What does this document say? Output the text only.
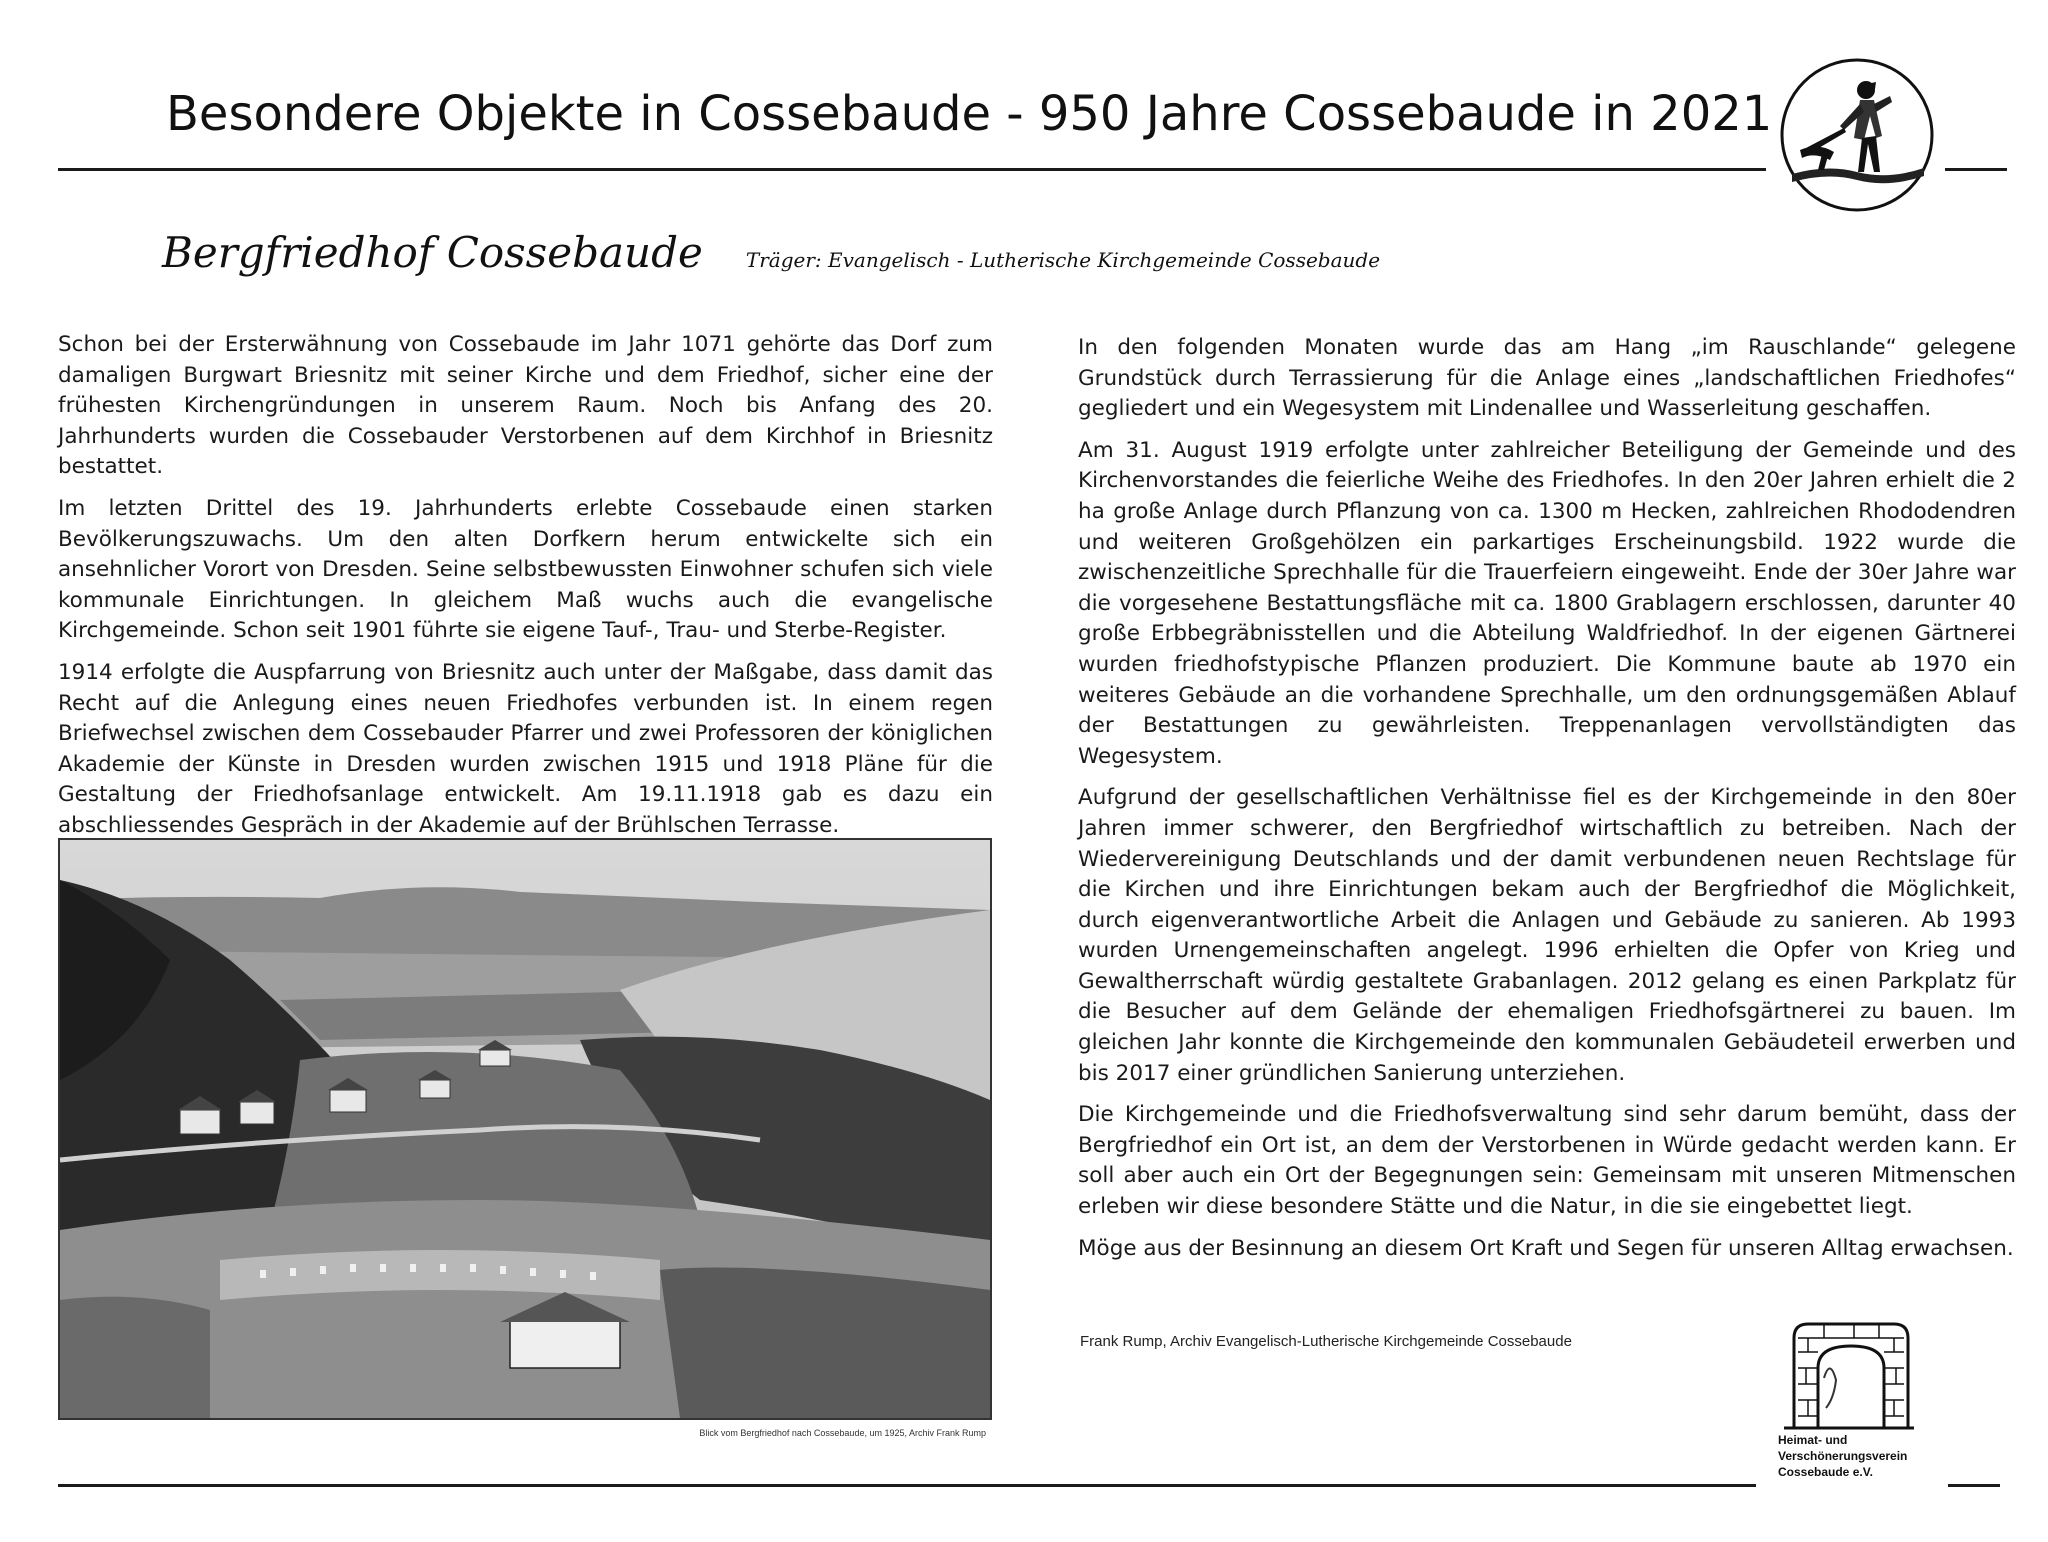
Besondere Objekte in Cossebaude - 950 Jahre Cossebaude in 2021
Bergfriedhof Cossebaude Träger: Evangelisch - Lutherische Kirchgemeinde Cossebaude

Schon bei der Ersterwähnung von Cossebaude im Jahr 1071 gehörte das Dorf zum damaligen Burgwart Briesnitz mit seiner Kirche und dem Friedhof, sicher eine der frühesten Kirchengründungen in unserem Raum. Noch bis Anfang des 20. Jahrhunderts wurden die Cossebauder Verstorbenen auf dem Kirchhof in Briesnitz bestattet.

Im letzten Drittel des 19. Jahrhunderts erlebte Cossebaude einen starken Bevölkerungszuwachs. Um den alten Dorfkern herum entwickelte sich ein ansehnlicher Vorort von Dresden. Seine selbstbewussten Einwohner schufen sich viele kommunale Einrichtungen. In gleichem Maß wuchs auch die evangelische Kirchgemeinde. Schon seit 1901 führte sie eigene Tauf-, Trau- und Sterbe-Register.

1914 erfolgte die Auspfarrung von Briesnitz auch unter der Maßgabe, dass damit das Recht auf die Anlegung eines neuen Friedhofes verbunden ist. In einem regen Briefwechsel zwischen dem Cossebauder Pfarrer und zwei Professoren der königlichen Akademie der Künste in Dresden wurden zwischen 1915 und 1918 Pläne für die Gestaltung der Friedhofsanlage entwickelt. Am 19.11.1918 gab es dazu ein abschliessendes Gespräch in der Akademie auf der Brühlschen Terrasse.

Blick vom Bergfriedhof nach Cossebaude, um 1925, Archiv Frank Rump

In den folgenden Monaten wurde das am Hang „im Rauschlande“ gelegene Grundstück durch Terrassierung für die Anlage eines „landschaftlichen Friedhofes“ gegliedert und ein Wegesystem mit Lindenallee und Wasserleitung geschaffen.

Am 31. August 1919 erfolgte unter zahlreicher Beteiligung der Gemeinde und des Kirchenvorstandes die feierliche Weihe des Friedhofes. In den 20er Jahren erhielt die 2 ha große Anlage durch Pflanzung von ca. 1300 m Hecken, zahlreichen Rhododendren und weiteren Großgehölzen ein parkartiges Erscheinungsbild. 1922 wurde die zwischenzeitliche Sprechhalle für die Trauerfeiern eingeweiht. Ende der 30er Jahre war die vorgesehene Bestattungsfläche mit ca. 1800 Grablagern erschlossen, darunter 40 große Erbbegräbnisstellen und die Abteilung Waldfriedhof. In der eigenen Gärtnerei wurden friedhofstypische Pflanzen produziert. Die Kommune baute ab 1970 ein weiteres Gebäude an die vorhandene Sprechhalle, um den ordnungsgemäßen Ablauf der Bestattungen zu gewährleisten. Treppenanlagen vervollständigten das Wegesystem.

Aufgrund der gesellschaftlichen Verhältnisse fiel es der Kirchgemeinde in den 80er Jahren immer schwerer, den Bergfriedhof wirtschaftlich zu betreiben. Nach der Wiedervereinigung Deutschlands und der damit verbundenen neuen Rechtslage für die Kirchen und ihre Einrichtungen bekam auch der Bergfriedhof die Möglichkeit, durch eigenverantwortliche Arbeit die Anlagen und Gebäude zu sanieren. Ab 1993 wurden Urnengemeinschaften angelegt. 1996 erhielten die Opfer von Krieg und Gewaltherrschaft würdig gestaltete Grabanlagen. 2012 gelang es einen Parkplatz für die Besucher auf dem Gelände der ehemaligen Friedhofsgärtnerei zu bauen. Im gleichen Jahr konnte die Kirchgemeinde den kommunalen Gebäudeteil erwerben und bis 2017 einer gründlichen Sanierung unterziehen.

Die Kirchgemeinde und die Friedhofsverwaltung sind sehr darum bemüht, dass der Bergfriedhof ein Ort ist, an dem der Verstorbenen in Würde gedacht werden kann. Er soll aber auch ein Ort der Begegnungen sein: Gemeinsam mit unseren Mitmenschen erleben wir diese besondere Stätte und die Natur, in die sie eingebettet liegt.

Möge aus der Besinnung an diesem Ort Kraft und Segen für unseren Alltag erwachsen.

Frank Rump, Archiv Evangelisch-Lutherische Kirchgemeinde Cossebaude
Heimat- und
Verschönerungsverein
Cossebaude e.V.
